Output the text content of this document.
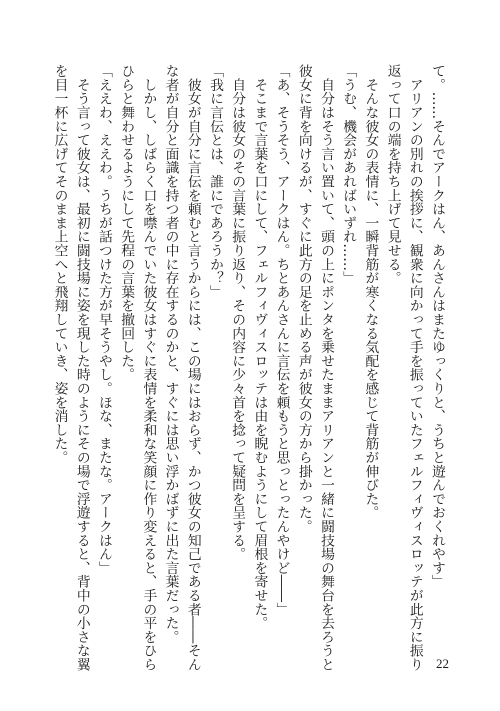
て。……そんでアークはん、あんさんはまたゆっくりと、うちと遊んでおくれやす」
　アリアンの別れの挨拶に、観衆に向かって手を振っていたフェルフィヴィスロッテが此方に振り
返って口の端を持ち上げて見せる。
　そんな彼女の表情に、一瞬背筋が寒くなる気配を感じて背筋が伸びた。
「うむ、機会があればいずれ……」
　自分はそう言い置いて、頭の上にポンタを乗せたままアリアンと一緒に闘技場の舞台を去ろうと
彼女に背を向けるが、すぐに此方の足を止める声が彼女の方から掛かった。
「あ、そうそう、アークはん。ちとあんさんに言伝を頼もうと思っとったんやけど――」
　そこまで言葉を口にして、フェルフィヴィスロッテは由を睨むようにして眉根を寄せた。
　自分は彼女のその言葉に振り返り、その内容に少々首を捻って疑問を呈する。
「我に言伝とは、誰にであろうか？」
　彼女が自分に言伝を頼むと言うからには、この場にはおらず、かつ彼女の知己である者――そん
な者が自分と面識を持つ者の中に存在するのかと、すぐには思い浮かばずに出た言葉だった。
　しかし、しばらく口を噤んでいた彼女はすぐに表情を柔和な笑顔に作り変えると、手の平をひら
ひらと舞わせるようにして先程の言葉を撤回した。
「ええわ、ええわ。うちが話つけた方が早そうやし。ほな、またな。アークはん」
　そう言って彼女は、最初に闘技場に姿を現した時のようにその場で浮遊すると、背中の小さな翼
を目一杯に広げてそのまま上空へと飛翔していき、姿を消した。
22
